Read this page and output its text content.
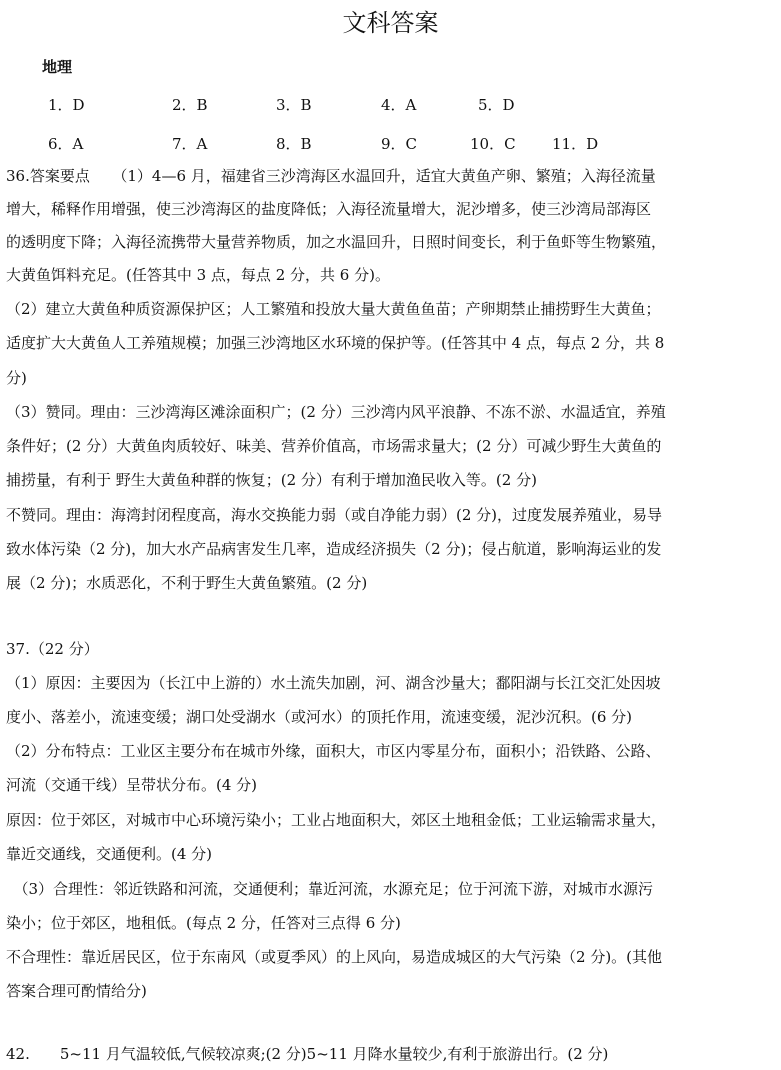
文科答案
地理
1．D	2．B	3．B	4．A	5．D
6．A	7．A	8．B	9．C	10．C 11．D
36.答案要点　　（1）4—6 月，福建省三沙湾海区水温回升，适宜大黄鱼产卵、繁殖；入海径流量
增大，稀释作用增强，使三沙湾海区的盐度降低；入海径流量增大，泥沙增多，使三沙湾局部海区
的透明度下降；入海径流携带大量营养物质，加之水温回升，日照时间变长，利于鱼虾等生物繁殖，
大黄鱼饵料充足。(任答其中 3 点，每点 2 分，共 6 分)。
（2）建立大黄鱼种质资源保护区；人工繁殖和投放大量大黄鱼鱼苗；产卵期禁止捕捞野生大黄鱼；
适度扩大大黄鱼人工养殖规模；加强三沙湾地区水环境的保护等。(任答其中 4 点，每点 2 分，共 8
分)
（3）赞同。理由：三沙湾海区滩涂面积广；(2 分）三沙湾内风平浪静、不冻不淤、水温适宜，养殖
条件好；(2 分）大黄鱼肉质较好、味美、营养价值高，市场需求量大；(2 分）可减少野生大黄鱼的
捕捞量，有利于 野生大黄鱼种群的恢复；(2 分）有利于增加渔民收入等。(2 分)
不赞同。理由：海湾封闭程度高，海水交换能力弱（或自净能力弱）(2 分)，过度发展养殖业，易导
致水体污染（2 分)，加大水产品病害发生几率，造成经济损失（2 分)；侵占航道，影响海运业的发
展（2 分)；水质恶化，不利于野生大黄鱼繁殖。(2 分)
37.（22 分）
（1）原因：主要因为（长江中上游的）水土流失加剧，河、湖含沙量大；鄱阳湖与长江交汇处因坡
度小、落差小，流速变缓；湖口处受湖水（或河水）的顶托作用，流速变缓，泥沙沉积。(6 分)
（2）分布特点：工业区主要分布在城市外缘，面积大，市区内零星分布，面积小；沿铁路、公路、
河流（交通干线）呈带状分布。(4 分)
原因：位于郊区，对城市中心环境污染小；工业占地面积大，郊区土地租金低；工业运输需求量大，
靠近交通线，交通便利。(4 分)
　（3）合理性：邻近铁路和河流，交通便利；靠近河流，水源充足；位于河流下游，对城市水源污
染小；位于郊区，地租低。(每点 2 分，任答对三点得 6 分)
不合理性：靠近居民区，位于东南风（或夏季风）的上风向，易造成城区的大气污染（2 分)。(其他
答案合理可酌情给分)
42.　　5~11 月气温较低,气候较凉爽;(2 分)5~11 月降水量较少,有利于旅游出行。(2 分)
